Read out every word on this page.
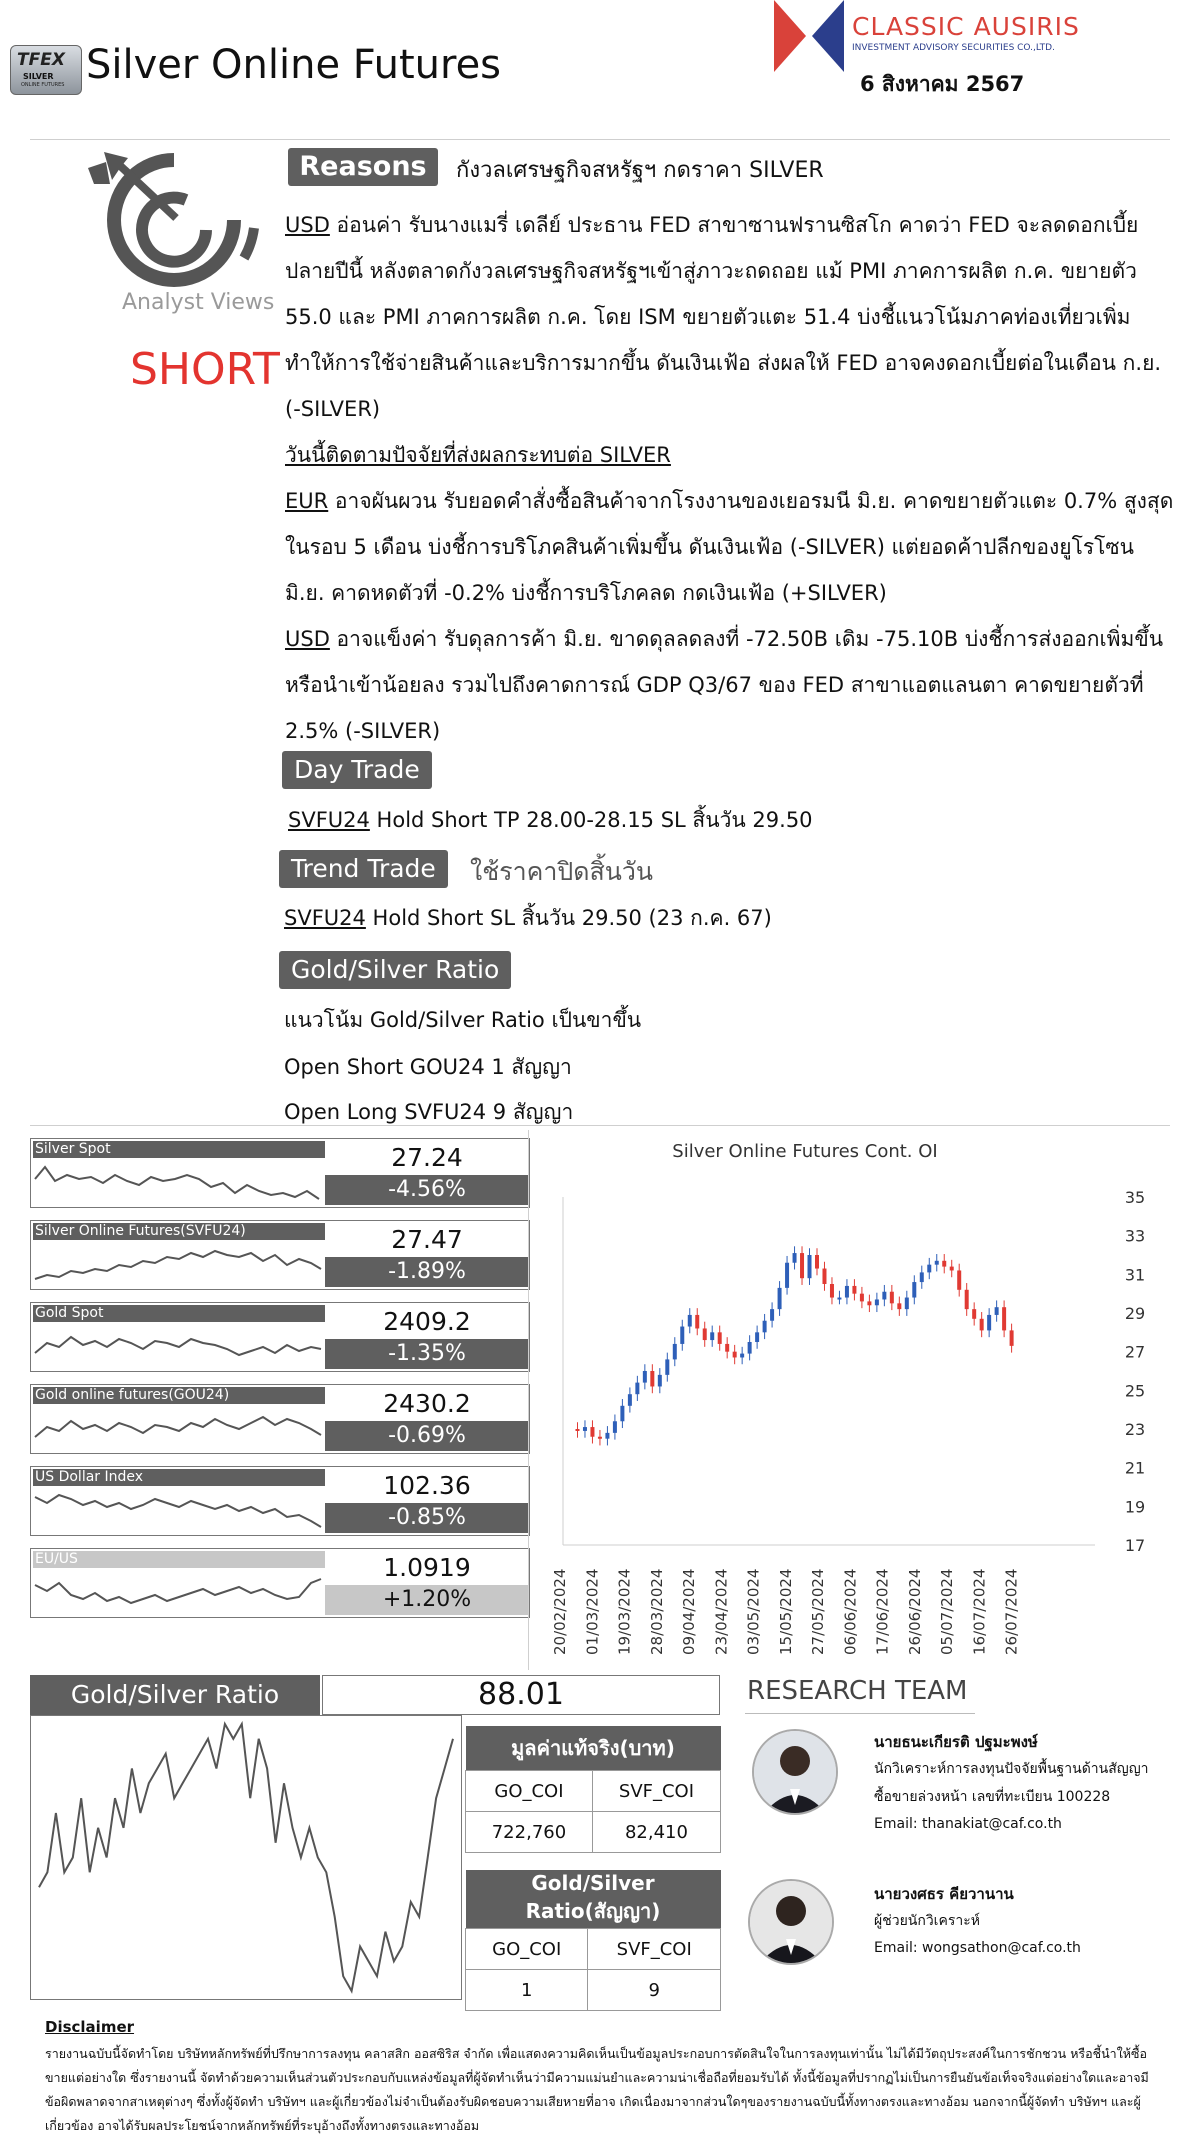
TFEX
SILVER
ONLINE FUTURES Silver Online Futures
CLASSIC AUSIRIS
INVESTMENT ADVISORY SECURITIES CO.,LTD.
6 สิงหาคม 2567
Analyst Views
SHORT
Reasons	กังวลเศรษฐกิจสหรัฐฯ กดราคา SILVER
USD อ่อนค่า รับนางแมรี่ เดลีย์ ประธาน FED สาขาซานฟรานซิสโก คาดว่า FED จะลดดอกเบี้ยปลายปีนี้ หลังตลาดกังวลเศรษฐกิจสหรัฐฯเข้าสู่ภาวะถดถอย แม้ PMI ภาคการผลิต ก.ค. ขยายตัว 55.0 และ PMI ภาคการผลิต ก.ค. โดย ISM ขยายตัวแตะ 51.4 บ่งชี้แนวโน้มภาคท่องเที่ยวเพิ่ม ทำให้การใช้จ่ายสินค้าและบริการมากขึ้น ดันเงินเฟ้อ ส่งผลให้ FED อาจคงดอกเบี้ยต่อในเดือน ก.ย. (-SILVER)
วันนี้ติดตามปัจจัยที่ส่งผลกระทบต่อ SILVER
EUR อาจผันผวน รับยอดคำสั่งซื้อสินค้าจากโรงงานของเยอรมนี มิ.ย. คาดขยายตัวแตะ 0.7% สูงสุดในรอบ 5 เดือน บ่งชี้การบริโภคสินค้าเพิ่มขึ้น ดันเงินเฟ้อ (-SILVER) แต่ยอดค้าปลีกของยูโรโซน มิ.ย. คาดหดตัวที่ -0.2% บ่งชี้การบริโภคลด กดเงินเฟ้อ (+SILVER)
USD อาจแข็งค่า รับดุลการค้า มิ.ย. ขาดดุลลดลงที่ -72.50B เดิม -75.10B บ่งชี้การส่งออกเพิ่มขึ้นหรือนำเข้าน้อยลง รวมไปถึงคาดการณ์ GDP Q3/67 ของ FED สาขาแอตแลนตา คาดขยายตัวที่ 2.5% (-SILVER)
Day Trade
SVFU24 Hold Short TP 28.00-28.15 SL สิ้นวัน 29.50
Trend Trade	ใช้ราคาปิดสิ้นวัน
SVFU24 Hold Short SL สิ้นวัน 29.50 (23 ก.ค. 67)
Gold/Silver Ratio
แนวโน้ม Gold/Silver Ratio เป็นขาขึ้น
Open Short GOU24 1 สัญญา
Open Long SVFU24 9 สัญญา
Silver Spot	27.24
-4.56%
Silver Online Futures(SVFU24)	27.47
-1.89%
Gold Spot	2409.2
-1.35%
Gold online futures(GOU24)	2430.2
-0.69%
US Dollar Index	102.36
-0.85%
EU/US	1.0919
+1.20%
Silver Online Futures Cont. OI
35
33
31
29
27
25
23
21
19
17
20/02/2024 01/03/2024 19/03/2024 28/03/2024 09/04/2024 23/04/2024 03/05/2024 15/05/2024 27/05/2024 06/06/2024 17/06/2024 26/06/2024 05/07/2024 16/07/2024 26/07/2024
Gold/Silver Ratio	88.01
มูลค่าแท้จริง(บาท)	
GO_COI	SVF_COI
722,760	82,410
Gold/Silver Ratio(สัญญา)	
GO_COI	SVF_COI
1	9
RESEARCH TEAM
นายธนะเกียรติ ปฐมะพงษ์
นักวิเคราะห์การลงทุนปัจจัยพื้นฐานด้านสัญญา
ซื้อขายล่วงหน้า เลขที่ทะเบียน 100228
Email: thanakiat@caf.co.th
นายวงศธร คียวานาน
ผู้ช่วยนักวิเคราะห์
Email: wongsathon@caf.co.th
Disclaimer
รายงานฉบับนี้จัดทำโดย บริษัทหลักทรัพย์ที่ปรึกษาการลงทุน คลาสสิก ออสซิริส จำกัด เพื่อแสดงความคิดเห็นเป็นข้อมูลประกอบการตัดสินใจในการลงทุนเท่านั้น ไม่ได้มีวัตถุประสงค์ในการชักชวน หรือชี้นำให้ซื้อขายแต่อย่างใด ซึ่งรายงานนี้ จัดทำด้วยความเห็นส่วนตัวประกอบกับแหล่งข้อมูลที่ผู้จัดทำเห็นว่ามีความแม่นยำและความน่าเชื่อถือที่ยอมรับได้ ทั้งนี้ข้อมูลที่ปรากฏไม่เป็นการยืนยันข้อเท็จจริงแต่อย่างใดและอาจมีข้อผิดพลาดจากสาเหตุต่างๆ ซึ่งทั้งผู้จัดทำ บริษัทฯ และผู้เกี่ยวข้องไม่จำเป็นต้องรับผิดชอบความเสียหายที่อาจ เกิดเนื่องมาจากส่วนใดๆของรายงานฉบับนี้ทั้งทางตรงและทางอ้อม นอกจากนี้ผู้จัดทำ บริษัทฯ และผู้เกี่ยวข้อง อาจได้รับผลประโยชน์จากหลักทรัพย์ที่ระบุอ้างถึงทั้งทางตรงและทางอ้อม
